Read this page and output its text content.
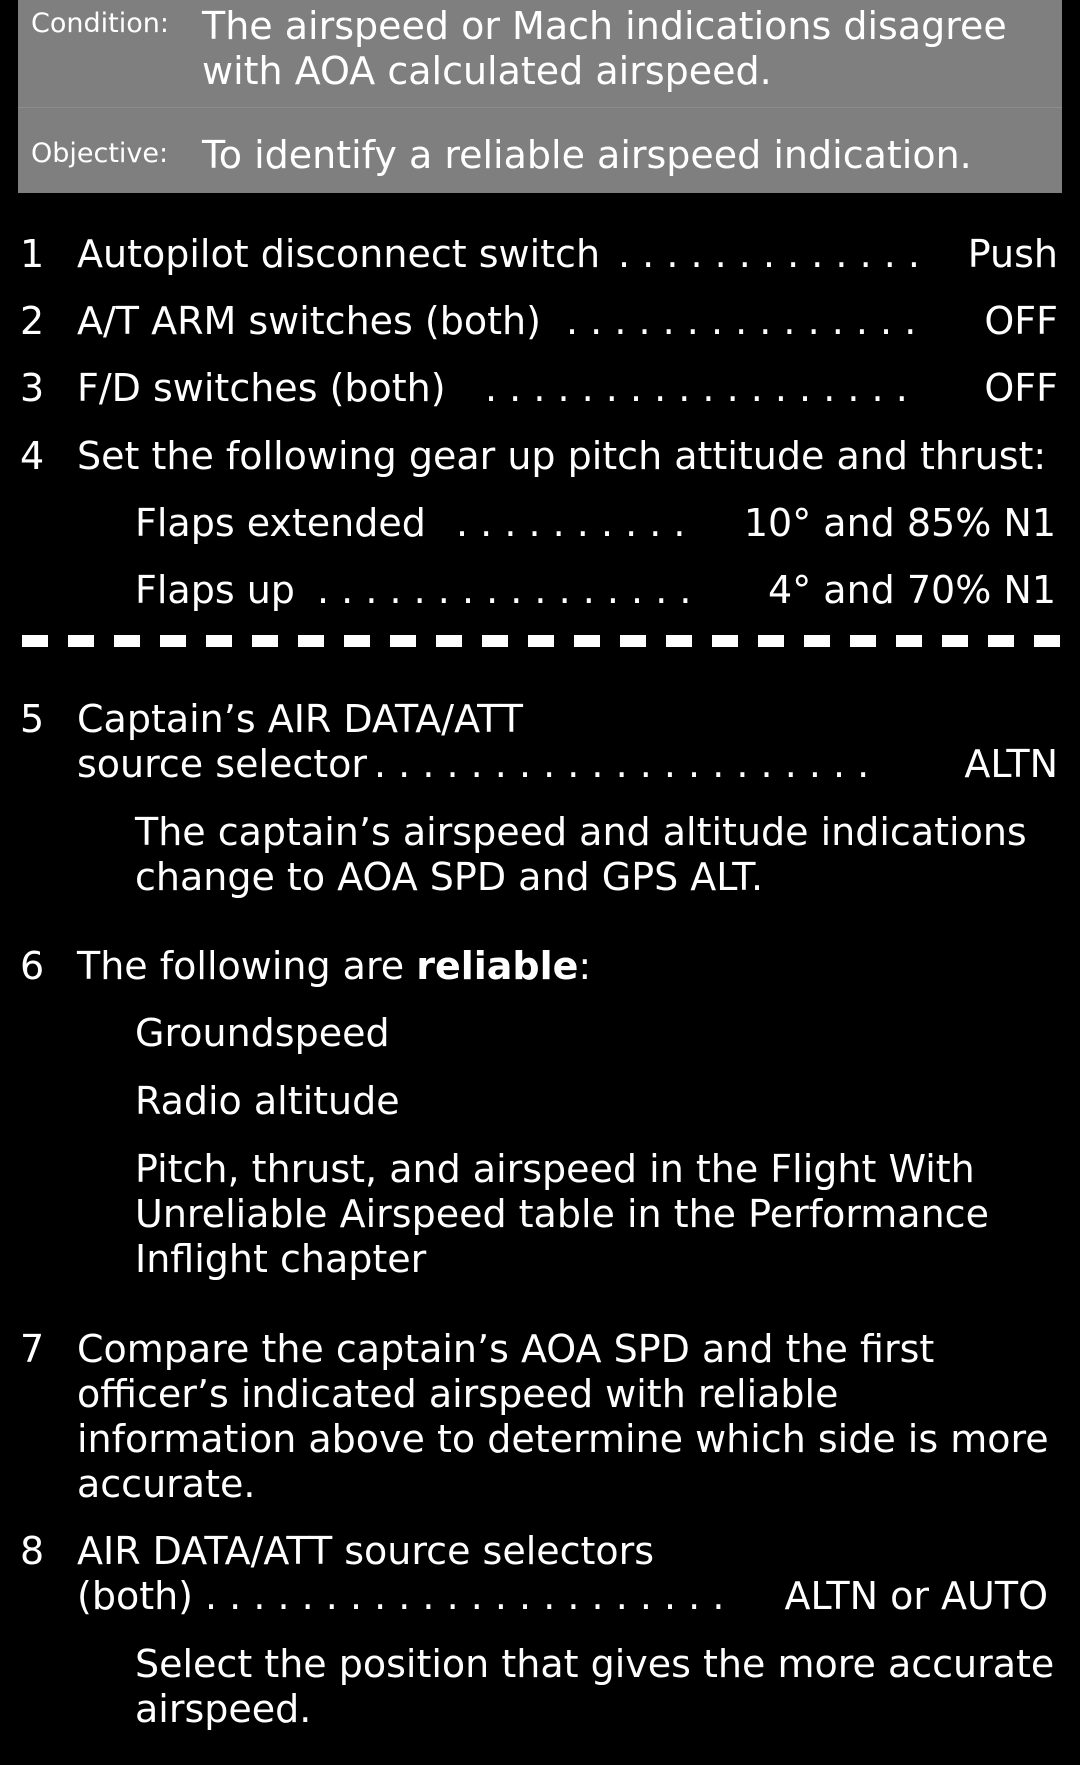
Condition: The airspeed or Mach indications disagree
with AOA calculated airspeed.
Objective: To identify a reliable airspeed indication.
1 Autopilot disconnect switch . . . . . . . . . . . . . Push
2 A/T ARM switches (both) . . . . . . . . . . . . . . . OFF
3 F/D switches (both) . . . . . . . . . . . . . . . . . . OFF
4 Set the following gear up pitch attitude and thrust:
Flaps extended . . . . . . . . . . 10° and 85% N1
Flaps up . . . . . . . . . . . . . . . . 4° and 70% N1
5 Captain’s AIR DATA/ATT
source selector . . . . . . . . . . . . . . . . . . . . .	ALTN
The captain’s airspeed and altitude indications
change to AOA SPD and GPS ALT.
6 The following are reliable:
Groundspeed
Radio altitude
Pitch, thrust, and airspeed in the Flight With
Unreliable Airspeed table in the Performance
Inflight chapter
7 Compare the captain’s AOA SPD and the first
officer’s indicated airspeed with reliable
information above to determine which side is more
accurate.
8 AIR DATA/ATT source selectors
(both) . . . . . . . . . . . . . . . . . . . . . . ALTN or AUTO
Select the position that gives the more accurate
airspeed.
